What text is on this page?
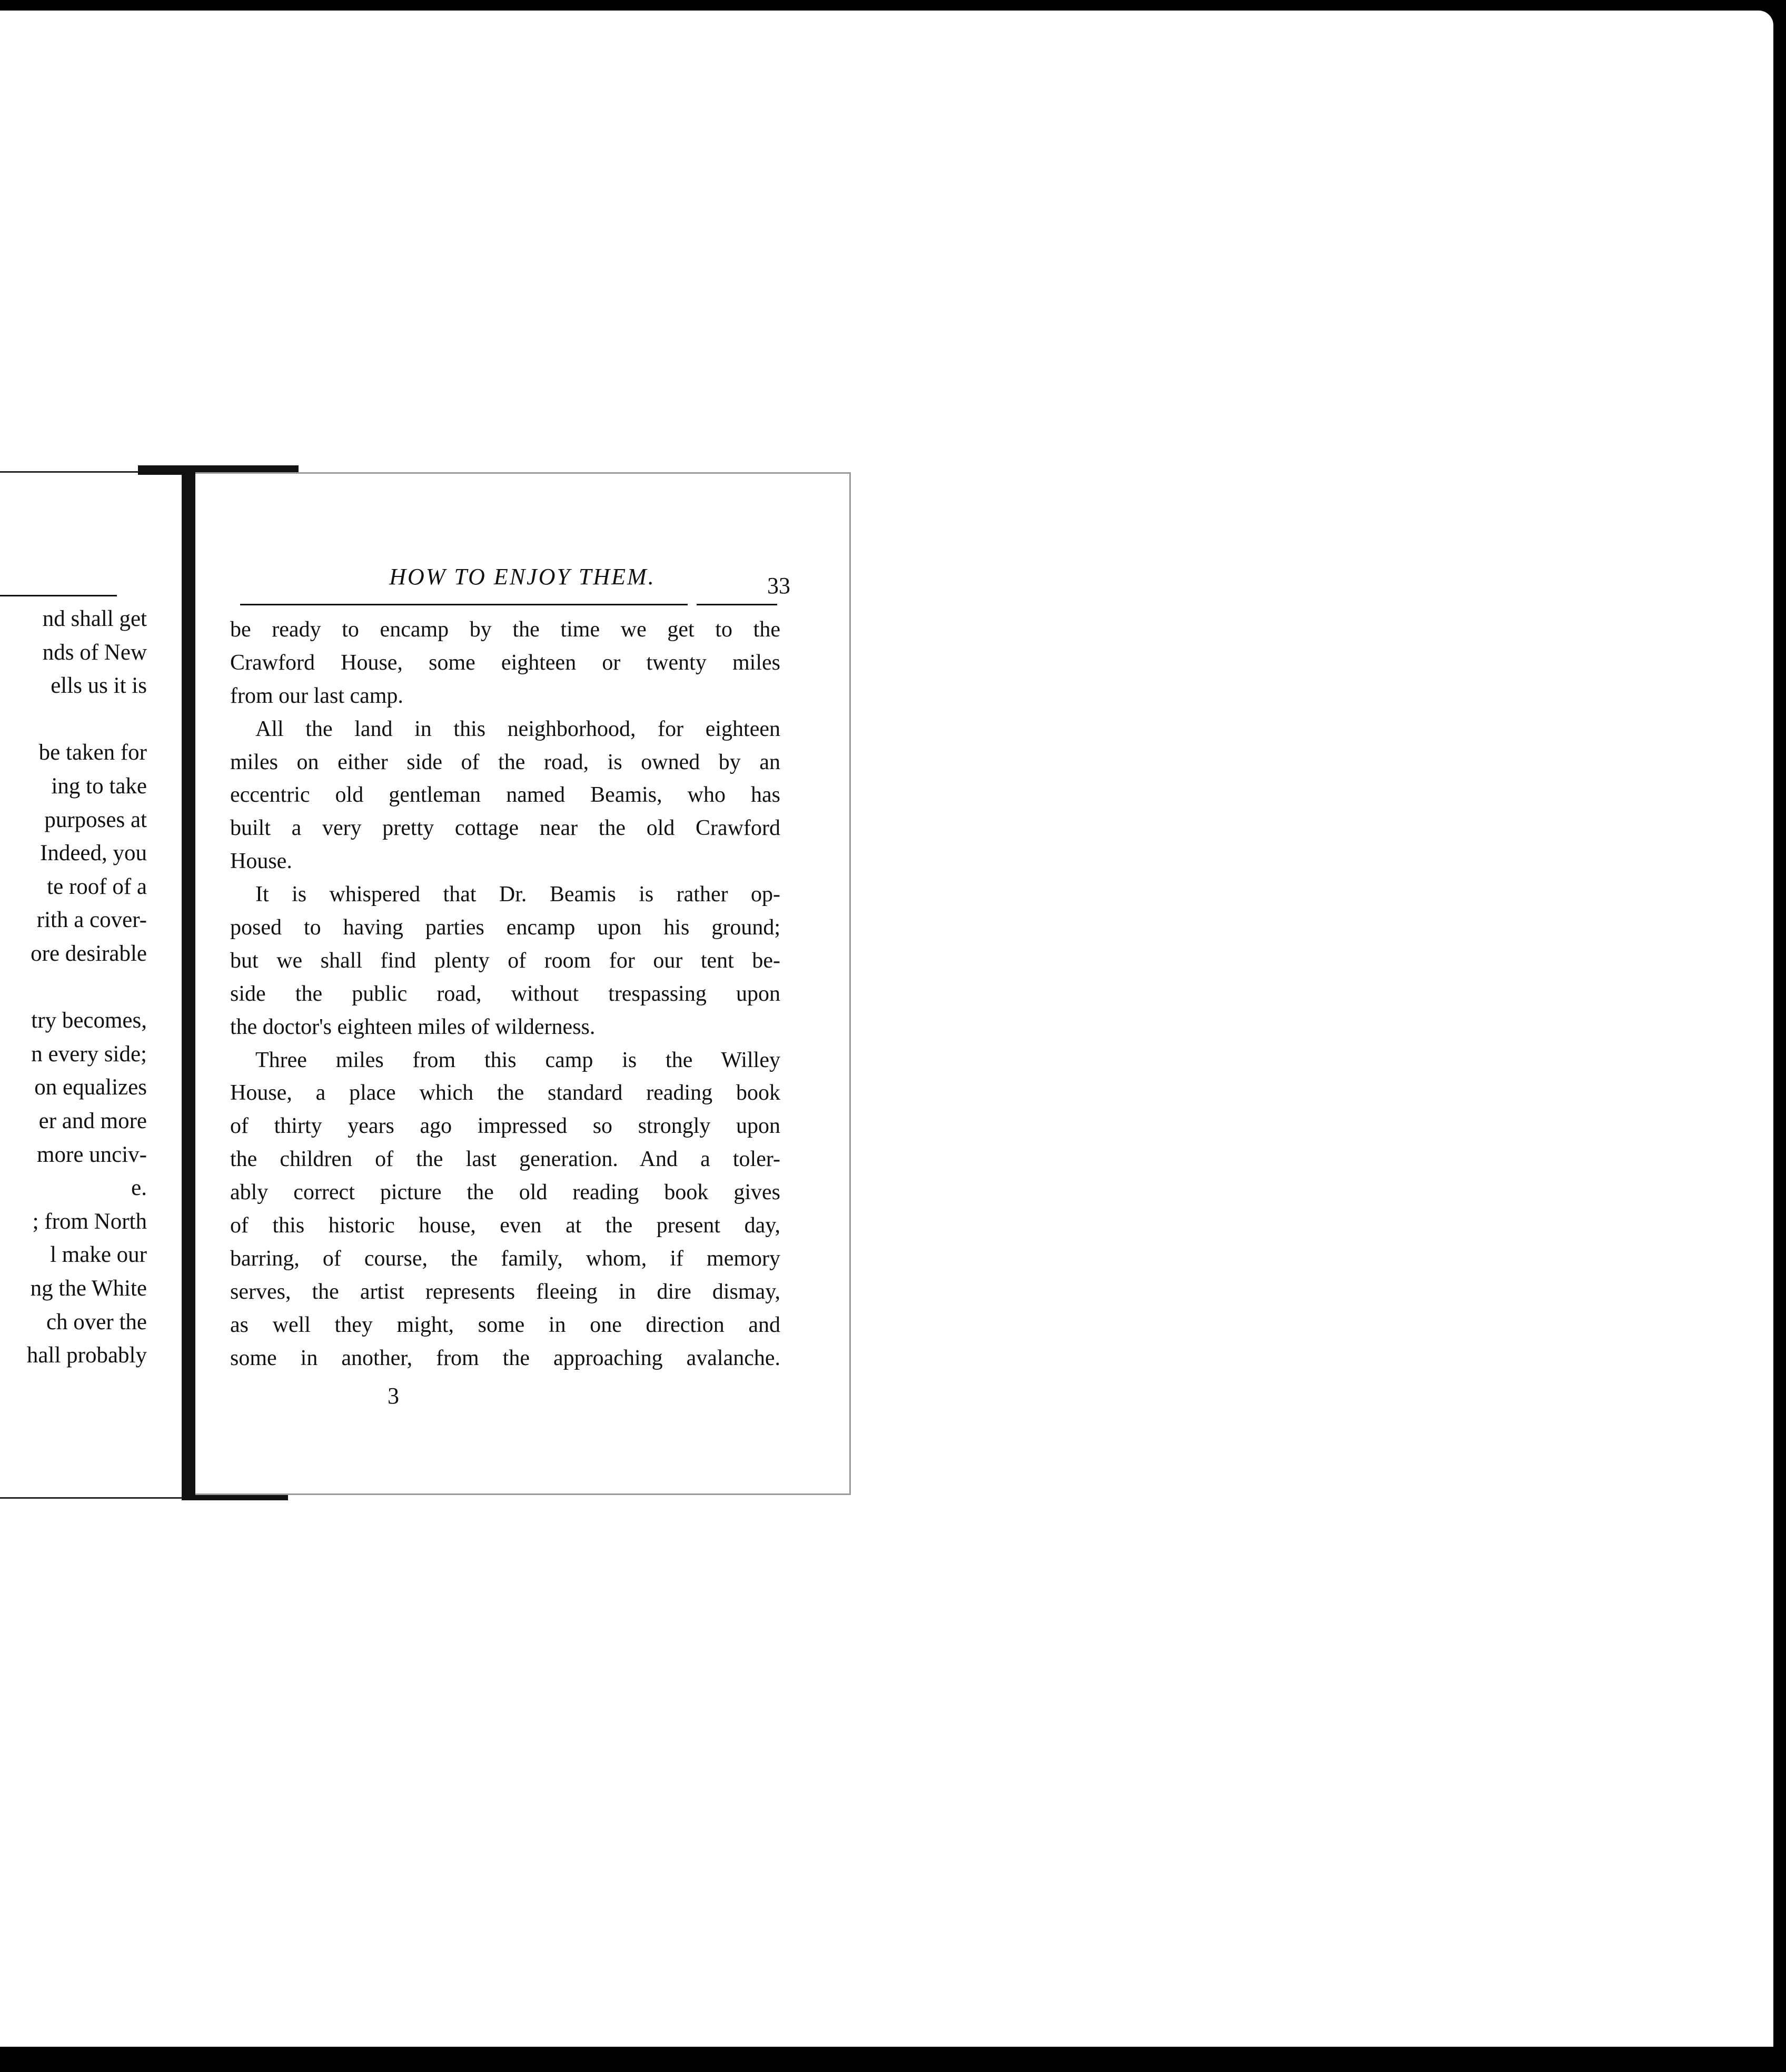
nd shall get
nds of New
ells us it is
be taken for
ing to take
purposes at
Indeed, you
te roof of a
rith a cover-
ore desirable
try becomes,
n every side;
on equalizes
er and more
more unciv-
e.
; from North
l make our
ng the White
ch over the
hall probably
HOW TO ENJOY THEM.	33
be ready to encamp by the time we get to the
Crawford House, some eighteen or twenty miles
from our last camp.
All the land in this neighborhood, for eighteen
miles on either side of the road, is owned by an
eccentric old gentleman named Beamis, who has
built a very pretty cottage near the old Crawford
House.
It is whispered that Dr. Beamis is rather op-
posed to having parties encamp upon his ground;
but we shall find plenty of room for our tent be-
side the public road, without trespassing upon
the doctor's eighteen miles of wilderness.
Three miles from this camp is the Willey
House, a place which the standard reading book
of thirty years ago impressed so strongly upon
the children of the last generation. And a toler-
ably correct picture the old reading book gives
of this historic house, even at the present day,
barring, of course, the family, whom, if memory
serves, the artist represents fleeing in dire dismay,
as well they might, some in one direction and
some in another, from the approaching avalanche.
3
